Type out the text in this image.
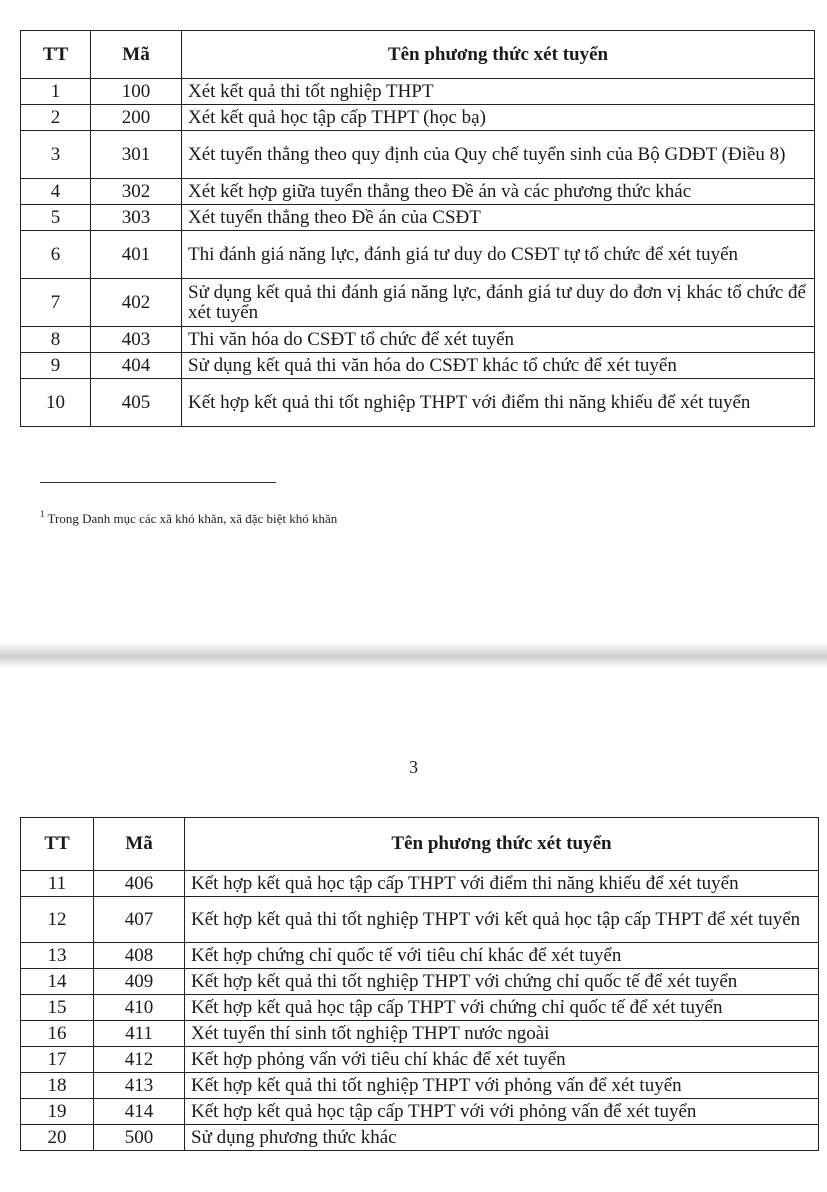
TT	Mã	Tên phương thức xét tuyển
1	100	Xét kết quả thi tốt nghiệp THPT
2	200	Xét kết quả học tập cấp THPT (học bạ)
3	301	Xét tuyển thẳng theo quy định của Quy chế tuyển sinh của Bộ GDĐT (Điều 8)
4	302	Xét kết hợp giữa tuyển thẳng theo Đề án và các phương thức khác
5	303	Xét tuyển thẳng theo Đề án của CSĐT
6	401	Thi đánh giá năng lực, đánh giá tư duy do CSĐT tự tổ chức để xét tuyển
7	402	Sử dụng kết quả thi đánh giá năng lực, đánh giá tư duy do đơn vị khác tổ chức để xét tuyển
8	403	Thi văn hóa do CSĐT tổ chức để xét tuyển
9	404	Sử dụng kết quả thi văn hóa do CSĐT khác tổ chức để xét tuyển
10	405	Kết hợp kết quả thi tốt nghiệp THPT với điểm thi năng khiếu để xét tuyển
$^1$ Trong Danh mục các xã khó khăn, xã đặc biệt khó khăn
3
TT	Mã	Tên phương thức xét tuyển
11	406	Kết hợp kết quả học tập cấp THPT với điểm thi năng khiếu để xét tuyển
12	407	Kết hợp kết quả thi tốt nghiệp THPT với kết quả học tập cấp THPT để xét tuyển
13	408	Kết hợp chứng chỉ quốc tế với tiêu chí khác để xét tuyển
14	409	Kết hợp kết quả thi tốt nghiệp THPT với chứng chỉ quốc tế để xét tuyển
15	410	Kết hợp kết quả học tập cấp THPT với chứng chỉ quốc tế để xét tuyển
16	411	Xét tuyển thí sinh tốt nghiệp THPT nước ngoài
17	412	Kết hợp phỏng vấn với tiêu chí khác để xét tuyển
18	413	Kết hợp kết quả thi tốt nghiệp THPT với phỏng vấn để xét tuyển
19	414	Kết hợp kết quả học tập cấp THPT với với phỏng vấn để xét tuyển
20	500	Sử dụng phương thức khác
